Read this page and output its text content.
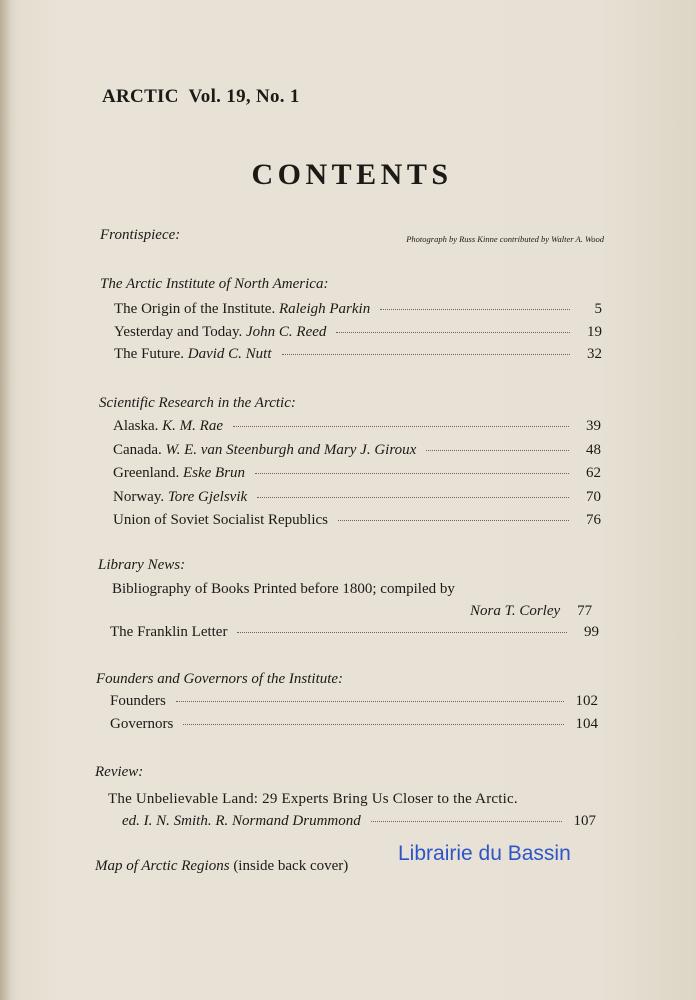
ARCTIC Vol. 19, No. 1
CONTENTS
Frontispiece:	Photograph by Russ Kinne contributed by Walter A. Wood
The Arctic Institute of North America:
The Origin of the Institute. Raleigh Parkin	5
Yesterday and Today. John C. Reed	19
The Future. David C. Nutt	32
Scientific Research in the Arctic:
Alaska. K. M. Rae	39
Canada. W. E. van Steenburgh and Mary J. Giroux	48
Greenland. Eske Brun	62
Norway. Tore Gjelsvik	70
Union of Soviet Socialist Republics	76
Library News:
Bibliography of Books Printed before 1800; compiled by
Nora T. Corley	77
The Franklin Letter	99
Founders and Governors of the Institute:
Founders	102
Governors	104
Review:
The Unbelievable Land: 29 Experts Bring Us Closer to the Arctic.
ed. I. N. Smith. R. Normand Drummond	107
Map of Arctic Regions (inside back cover)
Librairie du Bassin
